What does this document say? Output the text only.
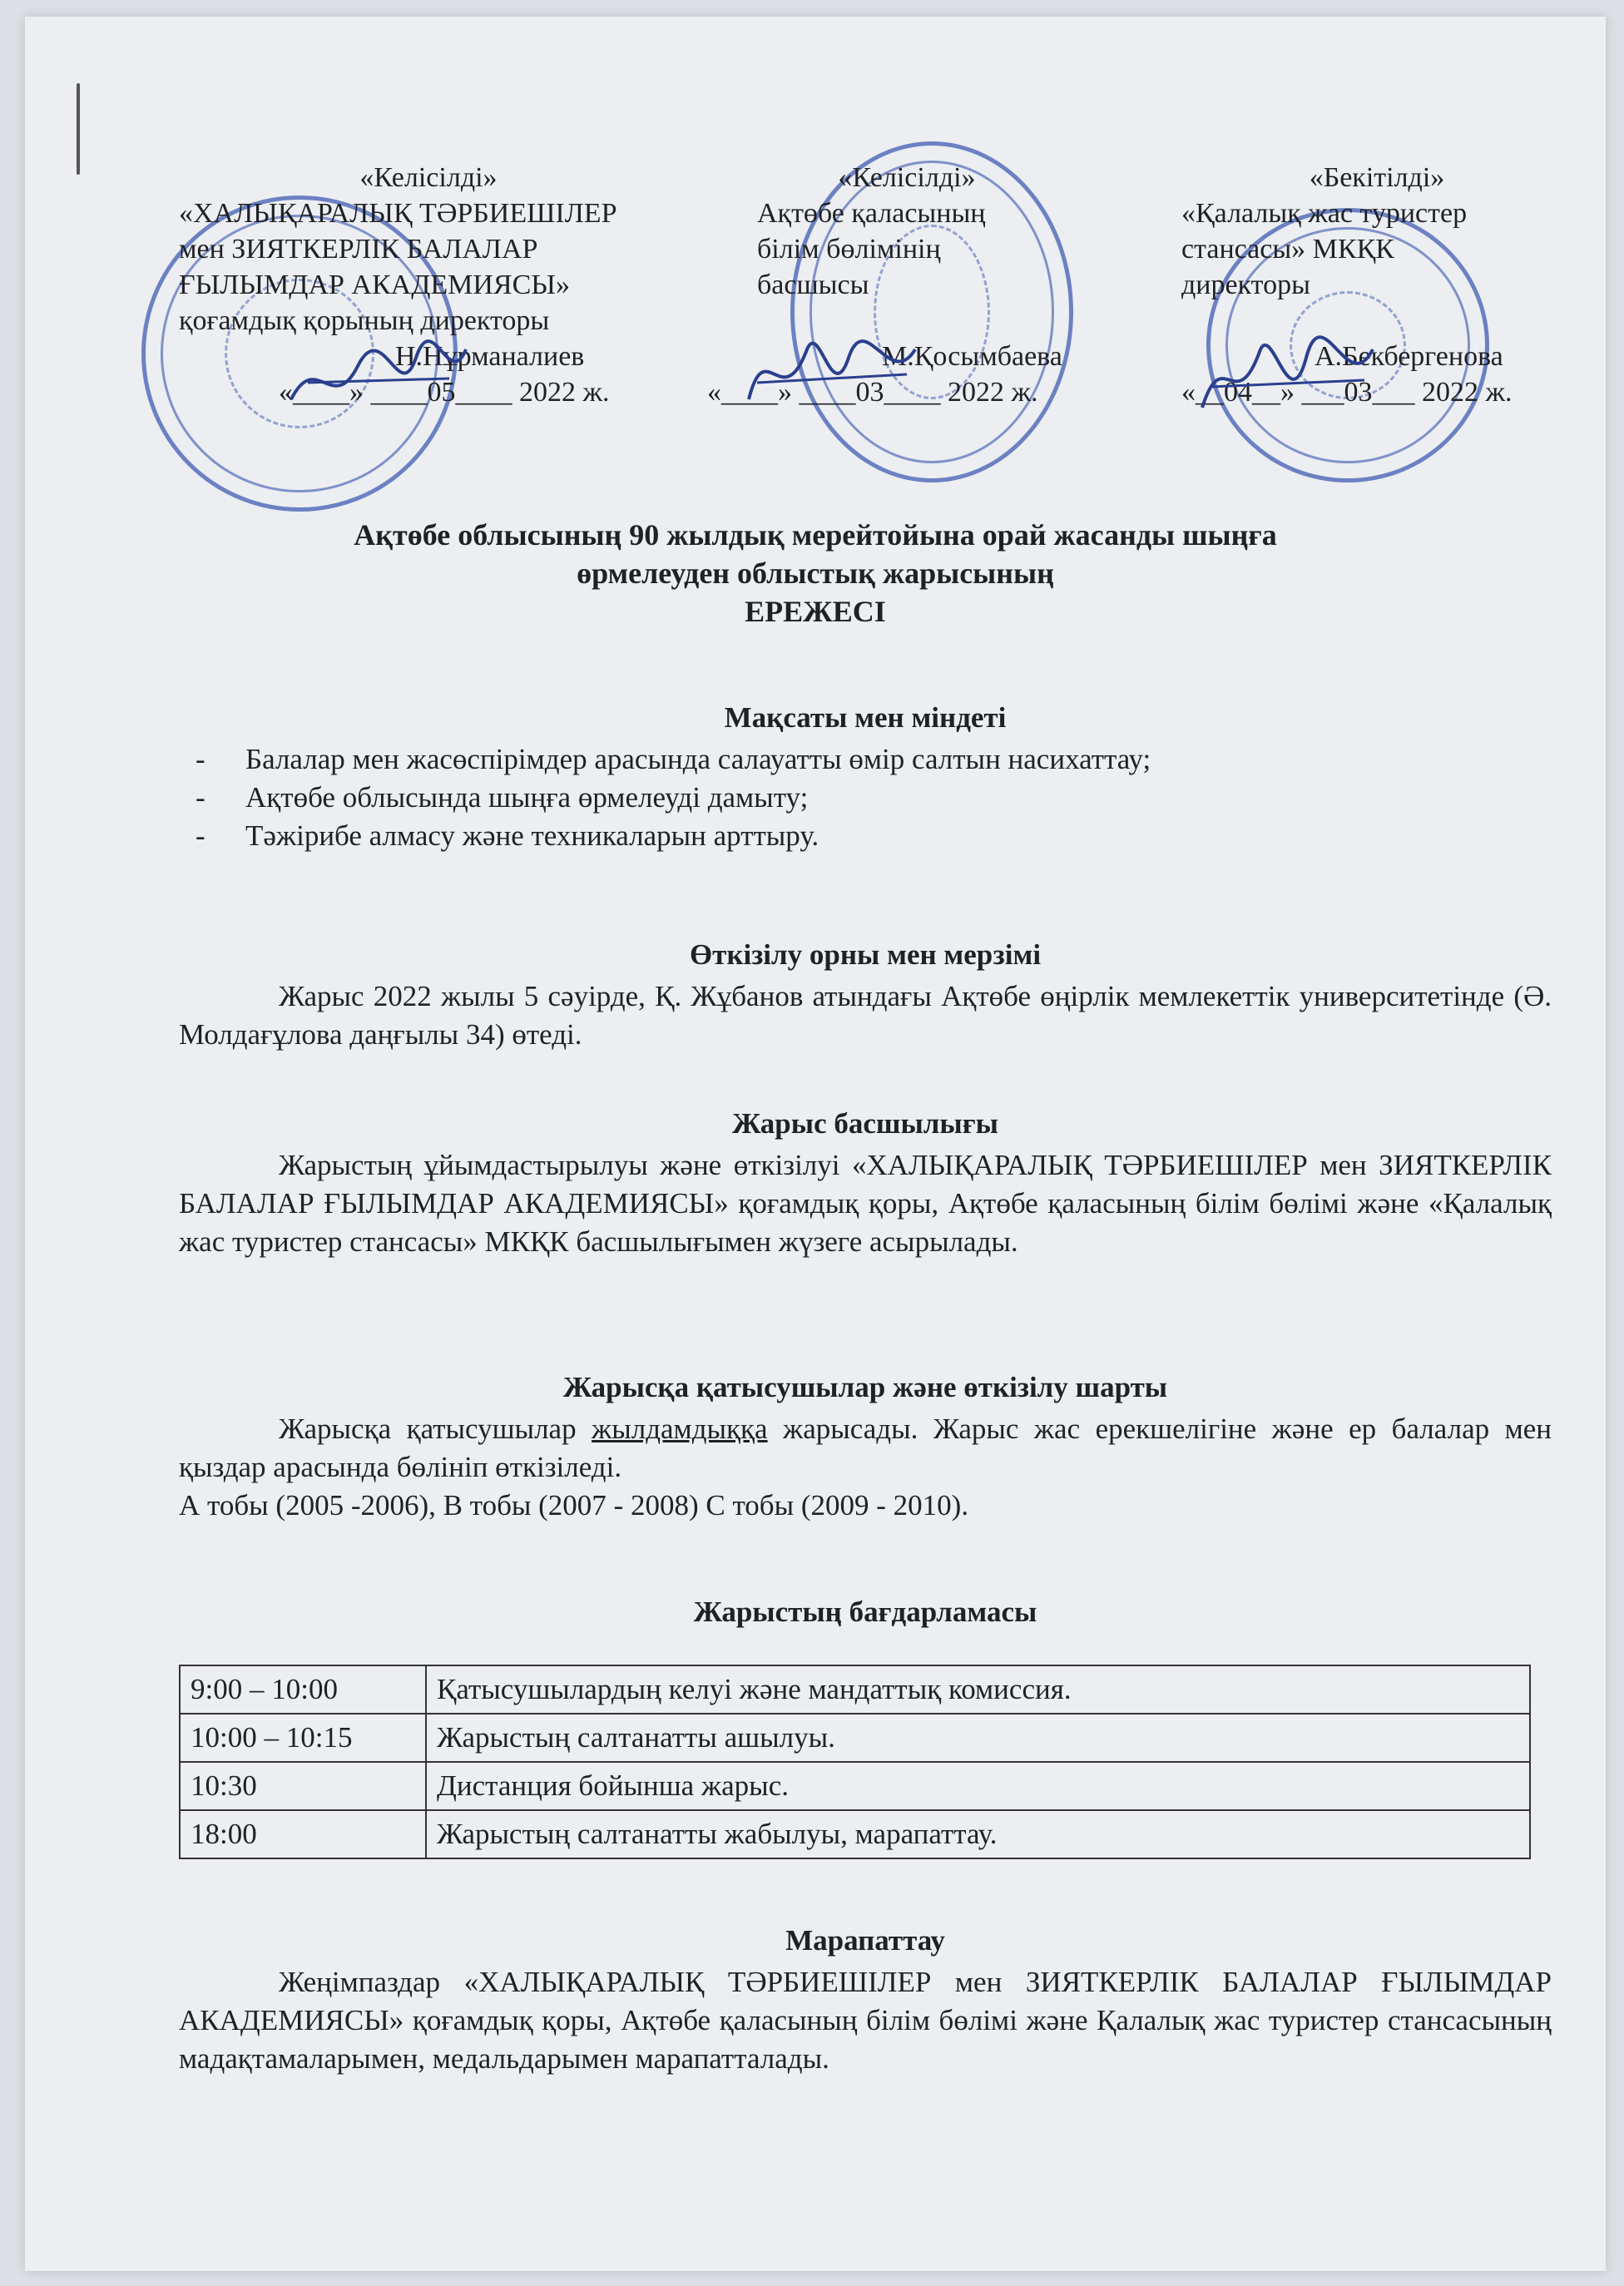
«Келісілді»
«ХАЛЫҚАРАЛЫҚ ТӘРБИЕШІЛЕР
мен ЗИЯТКЕРЛІК БАЛАЛАР
ҒЫЛЫМДАР АКАДЕМИЯСЫ»
қоғамдық қорының директоры
Н.Нұрманалиев
«____» ____05____ 2022 ж.
«Келісілді»
Ақтөбе қаласының
білім бөлімінің
басшысы

М.Қосымбаева
«____» ____03____ 2022 ж.
«Бекітілді»
«Қалалық жас туристер
стансасы» МКҚК
директоры

А.Бекбергенова
«__04__» ___03___ 2022 ж.
Ақтөбе облысының 90 жылдық мерейтойына орай жасанды шыңға
өрмелеуден облыстық жарысының
ЕРЕЖЕСІ
Мақсаты мен міндеті
- Балалар мен жасөспірімдер арасында салауатты өмір салтын насихаттау;
- Ақтөбе облысында шыңға өрмелеуді дамыту;
- Тәжірибе алмасу және техникаларын арттыру.
Өткізілу орны мен мерзімі
Жарыс 2022 жылы 5 сәуірде, Қ. Жұбанов атындағы Ақтөбе өңірлік мемлекеттік университетінде (Ә. Молдағұлова даңғылы 34) өтеді.
Жарыс басшылығы
Жарыстың ұйымдастырылуы және өткізілуі «ХАЛЫҚАРАЛЫҚ ТӘРБИЕШІЛЕР мен ЗИЯТКЕРЛІК БАЛАЛАР ҒЫЛЫМДАР АКАДЕМИЯСЫ» қоғамдық қоры, Ақтөбе қаласының білім бөлімі және «Қалалық жас туристер стансасы» МКҚК басшылығымен жүзеге асырылады.
Жарысқа қатысушылар және өткізілу шарты
Жарысқа қатысушылар жылдамдыққа жарысады. Жарыс жас ерекшелігіне және ер балалар мен қыздар арасында бөлініп өткізіледі.
А тобы (2005 -2006), В тобы (2007 - 2008) С тобы (2009 - 2010).
Жарыстың бағдарламасы
9:00 – 10:00	Қатысушылардың келуі және мандаттық комиссия.
10:00 – 10:15	Жарыстың салтанатты ашылуы.
10:30	Дистанция бойынша жарыс.
18:00	Жарыстың салтанатты жабылуы, марапаттау.
Марапаттау
Жеңімпаздар «ХАЛЫҚАРАЛЫҚ ТӘРБИЕШІЛЕР мен ЗИЯТКЕРЛІК БАЛАЛАР ҒЫЛЫМДАР АКАДЕМИЯСЫ» қоғамдық қоры, Ақтөбе қаласының білім бөлімі және Қалалық жас туристер стансасының мадақтамаларымен, медальдарымен марапатталады.
